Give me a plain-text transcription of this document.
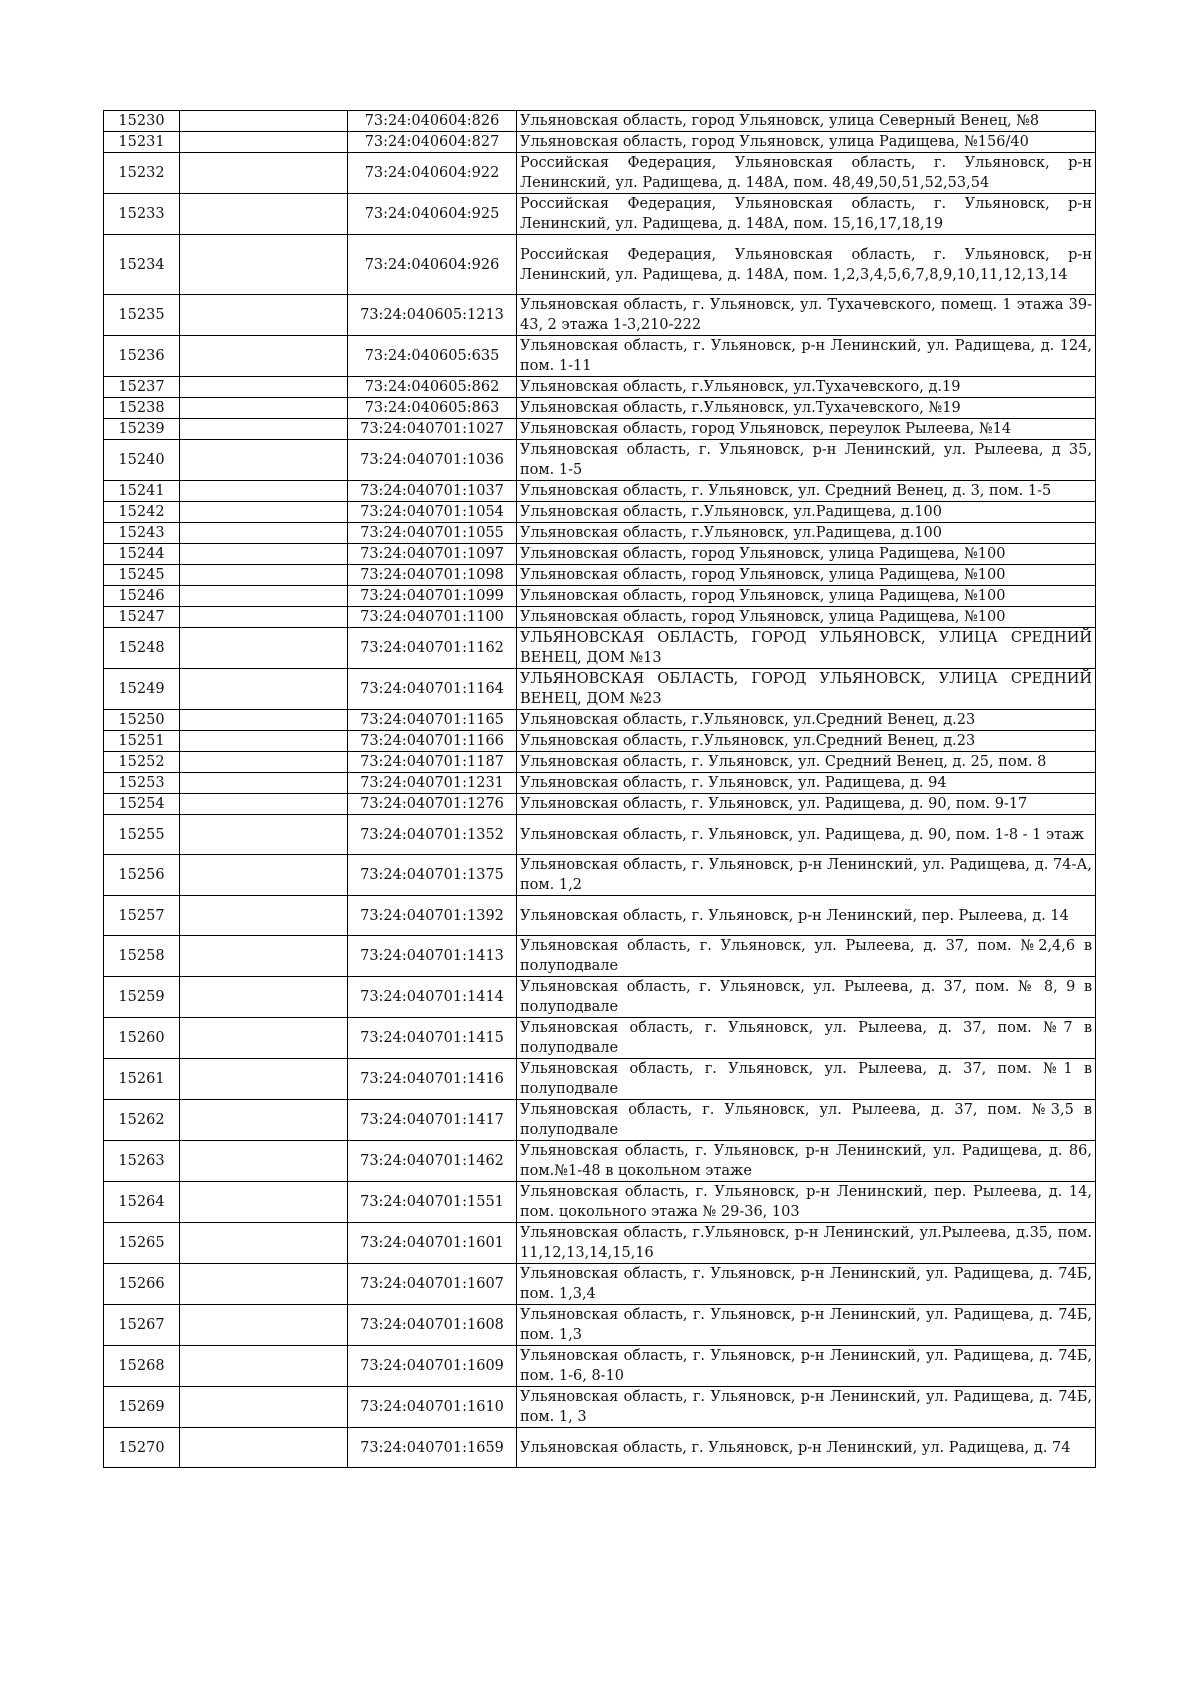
15230		73:24:040604:826	Ульяновская область, город Ульяновск, улица Северный Венец, №8
15231		73:24:040604:827	Ульяновская область, город Ульяновск, улица Радищева, №156/40
15232		73:24:040604:922	Российская Федерация, Ульяновская область, г. Ульяновск, р-н Ленинский, ул. Радищева, д. 148А, пом. 48,49,50,51,52,53,54
15233		73:24:040604:925	Российская Федерация, Ульяновская область, г. Ульяновск, р-н Ленинский, ул. Радищева, д. 148А, пом. 15,16,17,18,19
15234		73:24:040604:926	Российская Федерация, Ульяновская область, г. Ульяновск, р-н Ленинский, ул. Радищева, д. 148А, пом. 1,2,3,4,5,6,7,8,9,10,11,12,13,14
15235		73:24:040605:1213	Ульяновская область, г. Ульяновск, ул. Тухачевского, помещ. 1 этажа 39-43, 2 этажа 1-3,210-222
15236		73:24:040605:635	Ульяновская область, г. Ульяновск, р-н Ленинский, ул. Радищева, д. 124, пом. 1-11
15237		73:24:040605:862	Ульяновская область, г.Ульяновск, ул.Тухачевского, д.19
15238		73:24:040605:863	Ульяновская область, г.Ульяновск, ул.Тухачевского, №19
15239		73:24:040701:1027	Ульяновская область, город Ульяновск, переулок Рылеева, №14
15240		73:24:040701:1036	Ульяновская область, г. Ульяновск, р-н Ленинский, ул. Рылеева, д 35, пом. 1-5
15241		73:24:040701:1037	Ульяновская область, г. Ульяновск, ул. Средний Венец, д. 3, пом. 1-5
15242		73:24:040701:1054	Ульяновская область, г.Ульяновск, ул.Радищева, д.100
15243		73:24:040701:1055	Ульяновская область, г.Ульяновск, ул.Радищева, д.100
15244		73:24:040701:1097	Ульяновская область, город Ульяновск, улица Радищева, №100
15245		73:24:040701:1098	Ульяновская область, город Ульяновск, улица Радищева, №100
15246		73:24:040701:1099	Ульяновская область, город Ульяновск, улица Радищева, №100
15247		73:24:040701:1100	Ульяновская область, город Ульяновск, улица Радищева, №100
15248		73:24:040701:1162	УЛЬЯНОВСКАЯ ОБЛАСТЬ, ГОРОД УЛЬЯНОВСК, УЛИЦА СРЕДНИЙ ВЕНЕЦ, ДОМ №13
15249		73:24:040701:1164	УЛЬЯНОВСКАЯ ОБЛАСТЬ, ГОРОД УЛЬЯНОВСК, УЛИЦА СРЕДНИЙ ВЕНЕЦ, ДОМ №23
15250		73:24:040701:1165	Ульяновская область, г.Ульяновск, ул.Средний Венец, д.23
15251		73:24:040701:1166	Ульяновская область, г.Ульяновск, ул.Средний Венец, д.23
15252		73:24:040701:1187	Ульяновская область, г. Ульяновск, ул. Средний Венец, д. 25, пом. 8
15253		73:24:040701:1231	Ульяновская область, г. Ульяновск, ул. Радищева, д. 94
15254		73:24:040701:1276	Ульяновская область, г. Ульяновск, ул. Радищева, д. 90, пом. 9-17
15255		73:24:040701:1352	Ульяновская область, г. Ульяновск, ул. Радищева, д. 90, пом. 1-8 - 1 этаж
15256		73:24:040701:1375	Ульяновская область, г. Ульяновск, р-н Ленинский, ул. Радищева, д. 74-А, пом. 1,2
15257		73:24:040701:1392	Ульяновская область, г. Ульяновск, р-н Ленинский, пер. Рылеева, д. 14
15258		73:24:040701:1413	Ульяновская область, г. Ульяновск, ул. Рылеева, д. 37, пом. №2,4,6 в полуподвале
15259		73:24:040701:1414	Ульяновская область, г. Ульяновск, ул. Рылеева, д. 37, пом. № 8, 9 в полуподвале
15260		73:24:040701:1415	Ульяновская область, г. Ульяновск, ул. Рылеева, д. 37, пом. №7 в полуподвале
15261		73:24:040701:1416	Ульяновская область, г. Ульяновск, ул. Рылеева, д. 37, пом. №1 в полуподвале
15262		73:24:040701:1417	Ульяновская область, г. Ульяновск, ул. Рылеева, д. 37, пом. №3,5 в полуподвале
15263		73:24:040701:1462	Ульяновская область, г. Ульяновск, р-н Ленинский, ул. Радищева, д. 86, пом.№1-48 в цокольном этаже
15264		73:24:040701:1551	Ульяновская область, г. Ульяновск, р-н Ленинский, пер. Рылеева, д. 14, пом. цокольного этажа № 29-36, 103
15265		73:24:040701:1601	Ульяновская область, г.Ульяновск, р-н Ленинский, ул.Рылеева, д.35, пом. 11,12,13,14,15,16
15266		73:24:040701:1607	Ульяновская область, г. Ульяновск, р-н Ленинский, ул. Радищева, д. 74Б, пом. 1,3,4
15267		73:24:040701:1608	Ульяновская область, г. Ульяновск, р-н Ленинский, ул. Радищева, д. 74Б, пом. 1,3
15268		73:24:040701:1609	Ульяновская область, г. Ульяновск, р-н Ленинский, ул. Радищева, д. 74Б, пом. 1-6, 8-10
15269		73:24:040701:1610	Ульяновская область, г. Ульяновск, р-н Ленинский, ул. Радищева, д. 74Б, пом. 1, 3
15270		73:24:040701:1659	Ульяновская область, г. Ульяновск, р-н Ленинский, ул. Радищева, д. 74
